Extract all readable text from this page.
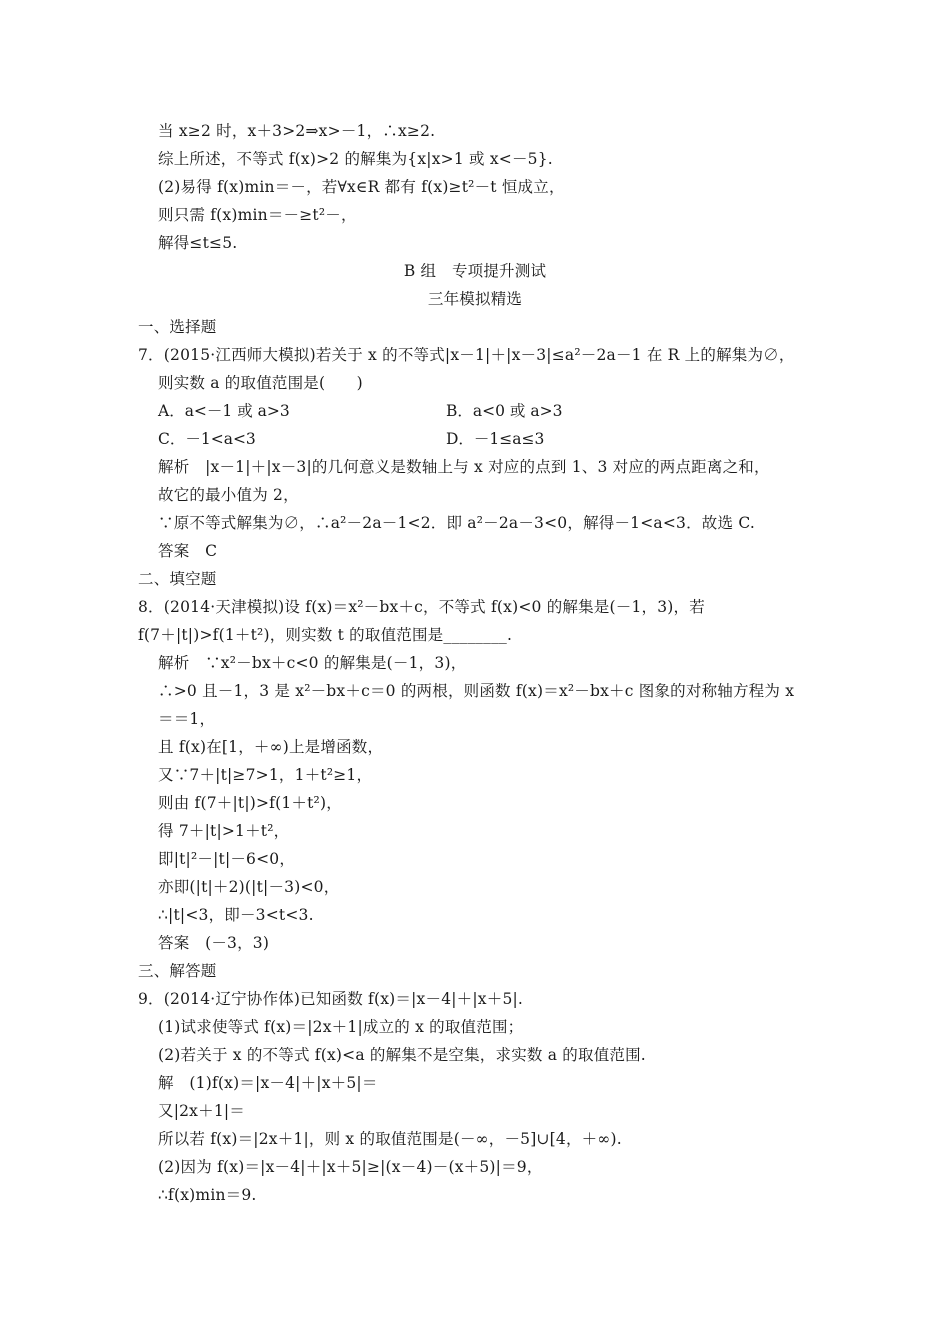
当 x≥2 时，x＋3>2⇒x>－1，∴x≥2.
综上所述，不等式 f(x)>2 的解集为{x|x>1 或 x<－5}.
(2)易得 f(x)min＝－，若∀x∈R 都有 f(x)≥t²－t 恒成立，
则只需 f(x)min＝－≥t²－，
解得≤t≤5.
B 组　专项提升测试
三年模拟精选
一、选择题
7．(2015·江西师大模拟)若关于 x 的不等式|x－1|＋|x－3|≤a²－2a－1 在 R 上的解集为∅，
则实数 a 的取值范围是(　　)
A．a<－1 或 a>3	B．a<0 或 a>3
C．－1<a<3	D．－1≤a≤3
解析　|x－1|＋|x－3|的几何意义是数轴上与 x 对应的点到 1、3 对应的两点距离之和，
故它的最小值为 2，
∵原不等式解集为∅，∴a²－2a－1<2．即 a²－2a－3<0，解得－1<a<3．故选 C.
答案　C
二、填空题
8．(2014·天津模拟)设 f(x)＝x²－bx＋c，不等式 f(x)<0 的解集是(－1，3)，若
f(7＋|t|)>f(1＋t²)，则实数 t 的取值范围是________.
解析　∵x²－bx＋c<0 的解集是(－1，3)，
∴>0 且－1，3 是 x²－bx＋c＝0 的两根，则函数 f(x)＝x²－bx＋c 图象的对称轴方程为 x
＝＝1，
且 f(x)在[1，＋∞)上是增函数，
又∵7＋|t|≥7>1，1＋t²≥1，
则由 f(7＋|t|)>f(1＋t²)，
得 7＋|t|>1＋t²，
即|t|²－|t|－6<0，
亦即(|t|＋2)(|t|－3)<0，
∴|t|<3，即－3<t<3.
答案　(－3，3)
三、解答题
9．(2014·辽宁协作体)已知函数 f(x)＝|x－4|＋|x＋5|.
(1)试求使等式 f(x)＝|2x＋1|成立的 x 的取值范围；
(2)若关于 x 的不等式 f(x)<a 的解集不是空集，求实数 a 的取值范围.
解　(1)f(x)＝|x－4|＋|x＋5|＝
又|2x＋1|＝
所以若 f(x)＝|2x＋1|，则 x 的取值范围是(－∞，－5]∪[4，＋∞).
(2)因为 f(x)＝|x－4|＋|x＋5|≥|(x－4)－(x＋5)|＝9，
∴f(x)min＝9.
